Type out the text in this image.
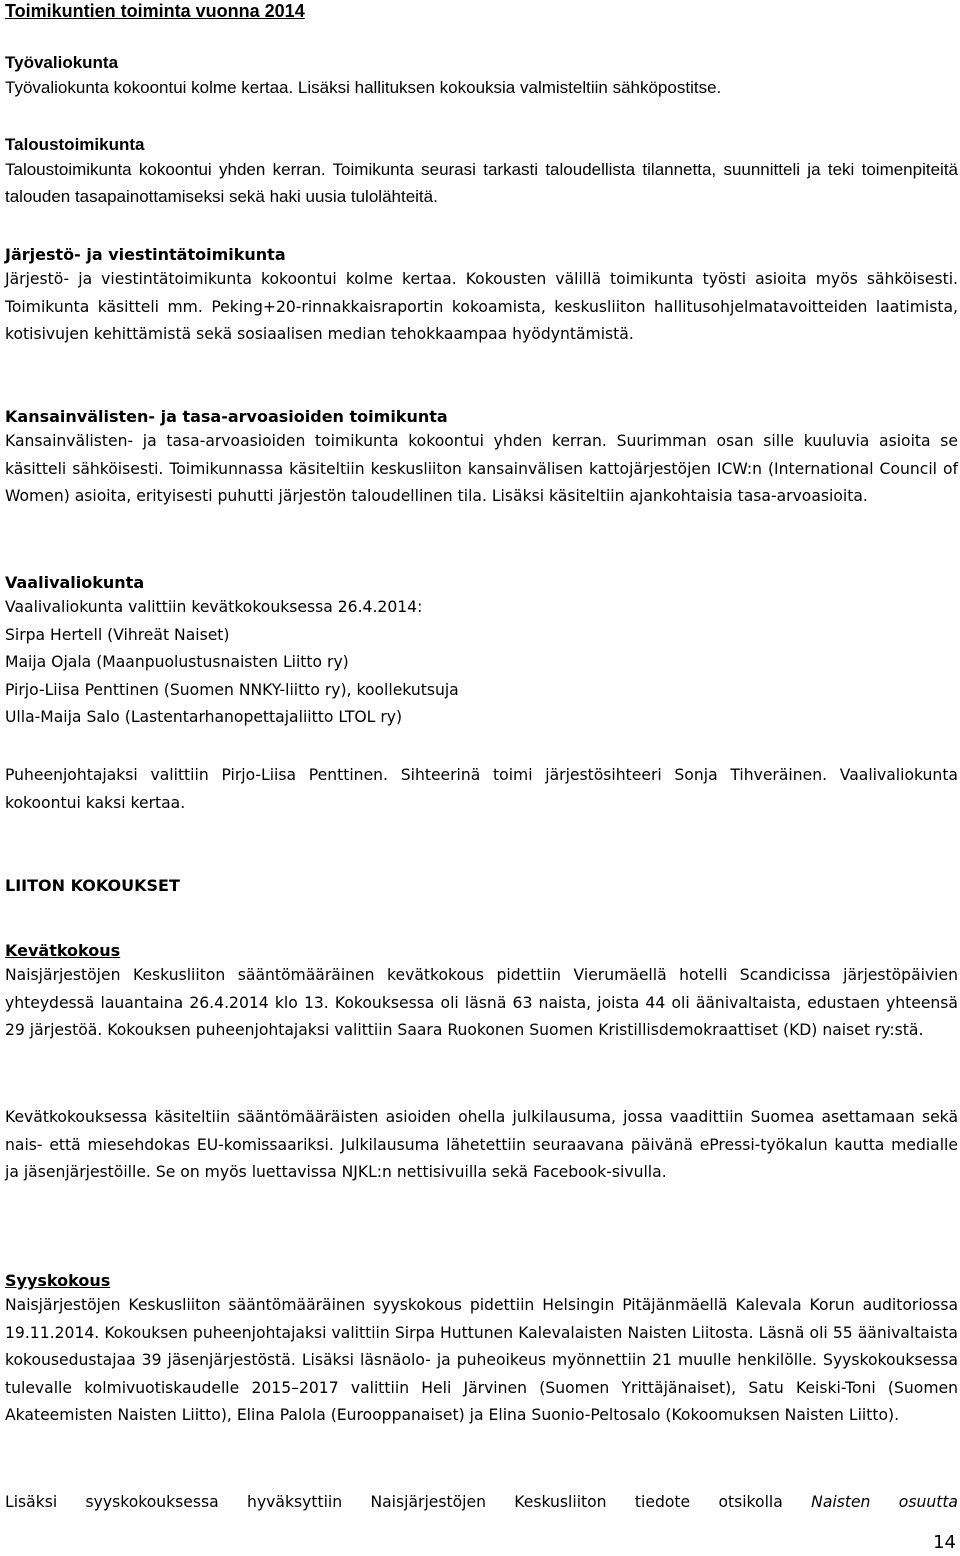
Toimikuntien toiminta vuonna 2014
Työvaliokunta

Työvaliokunta kokoontui kolme kertaa. Lisäksi hallituksen kokouksia valmisteltiin sähköpostitse.

Taloustoimikunta

Taloustoimikunta kokoontui yhden kerran. Toimikunta seurasi tarkasti taloudellista tilannetta, suunnitteli ja teki toimenpiteitä talouden tasapainottamiseksi sekä haki uusia tulolähteitä.

Järjestö- ja viestintätoimikunta

Järjestö- ja viestintätoimikunta kokoontui kolme kertaa. Kokousten välillä toimikunta työsti asioita myös sähköisesti. Toimikunta käsitteli mm. Peking+20-rinnakkaisraportin kokoamista, keskusliiton hallitusohjelmatavoitteiden laatimista, kotisivujen kehittämistä sekä sosiaalisen median tehokkaampaa hyödyntämistä.

Kansainvälisten- ja tasa-arvoasioiden toimikunta

Kansainvälisten- ja tasa-arvoasioiden toimikunta kokoontui yhden kerran. Suurimman osan sille kuuluvia asioita se käsitteli sähköisesti. Toimikunnassa käsiteltiin keskusliiton kansainvälisen kattojärjestöjen ICW:n (International Council of Women) asioita, erityisesti puhutti järjestön taloudellinen tila. Lisäksi käsiteltiin ajankohtaisia tasa-arvoasioita.

Vaalivaliokunta

Vaalivaliokunta valittiin kevätkokouksessa 26.4.2014:

Sirpa Hertell (Vihreät Naiset)

Maija Ojala (Maanpuolustusnaisten Liitto ry)

Pirjo-Liisa Penttinen (Suomen NNKY-liitto ry), koollekutsuja

Ulla-Maija Salo (Lastentarhanopettajaliitto LTOL ry)

Puheenjohtajaksi valittiin Pirjo-Liisa Penttinen. Sihteerinä toimi järjestösihteeri Sonja Tihveräinen. Vaalivaliokunta kokoontui kaksi kertaa.

LIITON KOKOUKSET
Kevätkokous

Naisjärjestöjen Keskusliiton sääntömääräinen kevätkokous pidettiin Vierumäellä hotelli Scandicissa järjestöpäivien yhteydessä lauantaina 26.4.2014 klo 13. Kokouksessa oli läsnä 63 naista, joista 44 oli äänivaltaista, edustaen yhteensä 29 järjestöä. Kokouksen puheenjohtajaksi valittiin Saara Ruokonen Suomen Kristillisdemokraattiset (KD) naiset ry:stä.

Kevätkokouksessa käsiteltiin sääntömääräisten asioiden ohella julkilausuma, jossa vaadittiin Suomea asettamaan sekä nais- että miesehdokas EU-komissaariksi. Julkilausuma lähetettiin seuraavana päivänä ePressi-työkalun kautta medialle ja jäsenjärjestöille. Se on myös luettavissa NJKL:n nettisivuilla sekä Facebook-sivulla.

Syyskokous

Naisjärjestöjen Keskusliiton sääntömääräinen syyskokous pidettiin Helsingin Pitäjänmäellä Kalevala Korun auditoriossa 19.11.2014. Kokouksen puheenjohtajaksi valittiin Sirpa Huttunen Kalevalaisten Naisten Liitosta. Läsnä oli 55 äänivaltaista kokousedustajaa 39 jäsenjärjestöstä. Lisäksi läsnäolo- ja puheoikeus myönnettiin 21 muulle henkilölle. Syyskokouksessa tulevalle kolmivuotiskaudelle 2015–2017 valittiin Heli Järvinen (Suomen Yrittäjänaiset), Satu Keiski-Toni (Suomen Akateemisten Naisten Liitto), Elina Palola (Eurooppanaiset) ja Elina Suonio-Peltosalo (Kokoomuksen Naisten Liitto).

Lisäksi syyskokouksessa hyväksyttiin Naisjärjestöjen Keskusliiton tiedote otsikolla Naisten osuutta

14
